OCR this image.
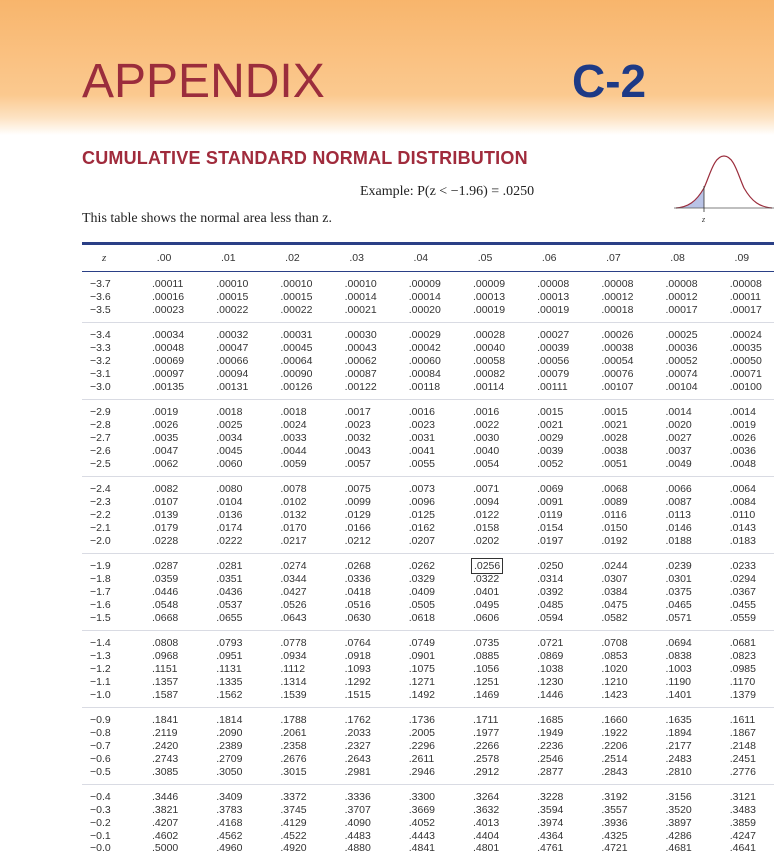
APPENDIX	C-2
CUMULATIVE STANDARD NORMAL DISTRIBUTION
Example: P(z < −1.96) = .0250
This table shows the normal area less than z.	z
z	.00	.01	.02	.03	.04	.05	.06	.07	.08	.09
−3.7	.00011	.00010	.00010	.00010	.00009	.00009	.00008	.00008	.00008	.00008
−3.6	.00016	.00015	.00015	.00014	.00014	.00013	.00013	.00012	.00012	.00011
−3.5	.00023	.00022	.00022	.00021	.00020	.00019	.00019	.00018	.00017	.00017
−3.4	.00034	.00032	.00031	.00030	.00029	.00028	.00027	.00026	.00025	.00024
−3.3	.00048	.00047	.00045	.00043	.00042	.00040	.00039	.00038	.00036	.00035
−3.2	.00069	.00066	.00064	.00062	.00060	.00058	.00056	.00054	.00052	.00050
−3.1	.00097	.00094	.00090	.00087	.00084	.00082	.00079	.00076	.00074	.00071
−3.0	.00135	.00131	.00126	.00122	.00118	.00114	.00111	.00107	.00104	.00100
−2.9	.0019	.0018	.0018	.0017	.0016	.0016	.0015	.0015	.0014	.0014
−2.8	.0026	.0025	.0024	.0023	.0023	.0022	.0021	.0021	.0020	.0019
−2.7	.0035	.0034	.0033	.0032	.0031	.0030	.0029	.0028	.0027	.0026
−2.6	.0047	.0045	.0044	.0043	.0041	.0040	.0039	.0038	.0037	.0036
−2.5	.0062	.0060	.0059	.0057	.0055	.0054	.0052	.0051	.0049	.0048
−2.4	.0082	.0080	.0078	.0075	.0073	.0071	.0069	.0068	.0066	.0064
−2.3	.0107	.0104	.0102	.0099	.0096	.0094	.0091	.0089	.0087	.0084
−2.2	.0139	.0136	.0132	.0129	.0125	.0122	.0119	.0116	.0113	.0110
−2.1	.0179	.0174	.0170	.0166	.0162	.0158	.0154	.0150	.0146	.0143
−2.0	.0228	.0222	.0217	.0212	.0207	.0202	.0197	.0192	.0188	.0183
−1.9	.0287	.0281	.0274	.0268	.0262	.0256	.0250	.0244	.0239	.0233
−1.8	.0359	.0351	.0344	.0336	.0329	.0322	.0314	.0307	.0301	.0294
−1.7	.0446	.0436	.0427	.0418	.0409	.0401	.0392	.0384	.0375	.0367
−1.6	.0548	.0537	.0526	.0516	.0505	.0495	.0485	.0475	.0465	.0455
−1.5	.0668	.0655	.0643	.0630	.0618	.0606	.0594	.0582	.0571	.0559
−1.4	.0808	.0793	.0778	.0764	.0749	.0735	.0721	.0708	.0694	.0681
−1.3	.0968	.0951	.0934	.0918	.0901	.0885	.0869	.0853	.0838	.0823
−1.2	.1151	.1131	.1112	.1093	.1075	.1056	.1038	.1020	.1003	.0985
−1.1	.1357	.1335	.1314	.1292	.1271	.1251	.1230	.1210	.1190	.1170
−1.0	.1587	.1562	.1539	.1515	.1492	.1469	.1446	.1423	.1401	.1379
−0.9	.1841	.1814	.1788	.1762	.1736	.1711	.1685	.1660	.1635	.1611
−0.8	.2119	.2090	.2061	.2033	.2005	.1977	.1949	.1922	.1894	.1867
−0.7	.2420	.2389	.2358	.2327	.2296	.2266	.2236	.2206	.2177	.2148
−0.6	.2743	.2709	.2676	.2643	.2611	.2578	.2546	.2514	.2483	.2451
−0.5	.3085	.3050	.3015	.2981	.2946	.2912	.2877	.2843	.2810	.2776
−0.4	.3446	.3409	.3372	.3336	.3300	.3264	.3228	.3192	.3156	.3121
−0.3	.3821	.3783	.3745	.3707	.3669	.3632	.3594	.3557	.3520	.3483
−0.2	.4207	.4168	.4129	.4090	.4052	.4013	.3974	.3936	.3897	.3859
−0.1	.4602	.4562	.4522	.4483	.4443	.4404	.4364	.4325	.4286	.4247
−0.0	.5000	.4960	.4920	.4880	.4841	.4801	.4761	.4721	.4681	.4641
